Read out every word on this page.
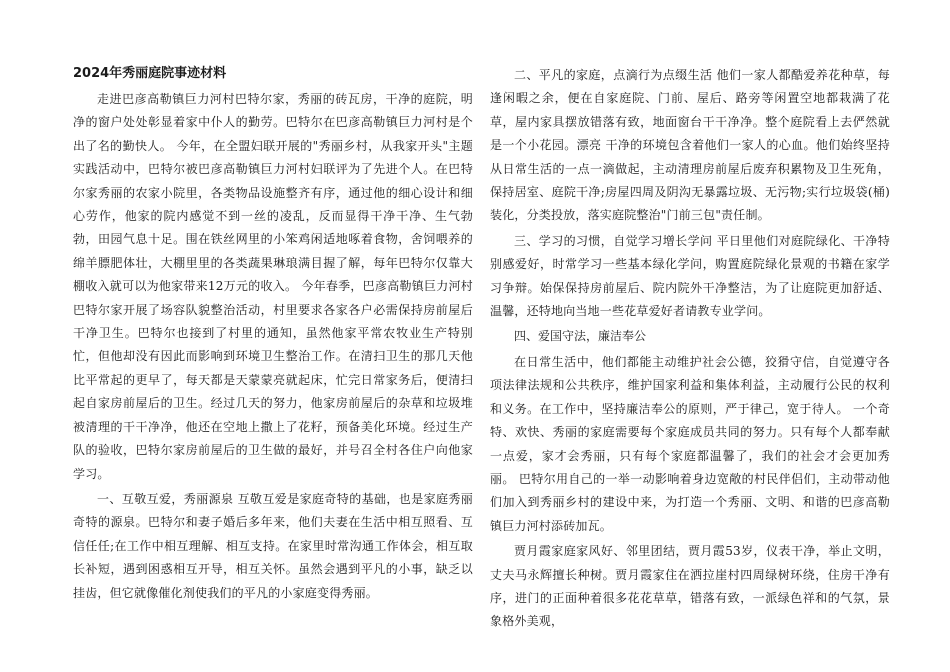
2024年秀丽庭院事迹材料

走进巴彦高勒镇巨力河村巴特尔家，秀丽的砖瓦房，干净的庭院，明净的窗户处处彰显着家中仆人的勤劳。巴特尔在巴彦高勒镇巨力河村是个出了名的勤快人。 今年，在全盟妇联开展的"秀丽乡村，从我家开头"主题实践活动中，巴特尔被巴彦高勒镇巨力河村妇联评为了先进个人。在巴特尔家秀丽的农家小院里，各类物品设施整齐有序，通过他的细心设计和细心劳作，他家的院内感觉不到一丝的凌乱，反而显得干净干净、生气勃勃，田园气息十足。围在铁丝网里的小笨鸡闲适地啄着食物，舍饲喂养的绵羊膘肥体壮，大棚里里的各类蔬果琳琅满目握了解，每年巴特尔仅靠大棚收入就可以为他家带来12万元的收入。 今年春季，巴彦高勒镇巨力河村巴特尔家开展了场容队貌整治活动，村里要求各家各户必需保持房前屋后干净卫生。巴特尔也接到了村里的通知，虽然他家平常农牧业生产特别忙，但他却没有因此而影响到环境卫生整治工作。在清扫卫生的那几天他比平常起的更早了，每天都是天蒙蒙亮就起床，忙完日常家务后，便清扫起自家房前屋后的卫生。经过几天的努力，他家房前屋后的杂草和垃圾堆被清理的干干净净，他还在空地上撒上了花籽，预备美化环境。经过生产队的验收，巴特尔家房前屋后的卫生做的最好，并号召全村各住户向他家学习。

一、互敬互爱，秀丽源泉 互敬互爱是家庭奇特的基础，也是家庭秀丽奇特的源泉。巴特尔和妻子婚后多年来，他们夫妻在生活中相互照看、互信任任;在工作中相互理解、相互支持。在家里时常沟通工作体会，相互取长补短，遇到困惑相互开导，相互关怀。虽然会遇到平凡的小事，缺乏以挂齿，但它就像催化剂使我们的平凡的小家庭变得秀丽。

二、平凡的家庭，点滴行为点缀生活 他们一家人都酷爱养花种草，每逢闲暇之余，便在自家庭院、门前、屋后、路旁等闲置空地都栽满了花草，屋内家具摆放错落有致，地面窗台干干净净。整个庭院看上去俨然就是一个小花园。漂亮 干净的环境包含着他们一家人的心血。他们始终坚持从日常生活的一点一滴做起，主动清理房前屋后废弃积累物及卫生死角，保持居室、庭院干净;房屋四周及阴沟无暴露垃圾、无污物;实行垃圾袋(桶)装化，分类投放，落实庭院整治"门前三包"责任制。

三、学习的习惯，自觉学习增长学问 平日里他们对庭院绿化、干净特别感爱好，时常学习一些基本绿化学问，购置庭院绿化景观的书籍在家学习争辩。始保保持房前屋后、院内院外干净整洁，为了让庭院更加舒适、温馨，还特地向当地一些花草爱好者请教专业学问。

四、爱国守法，廉洁奉公

在日常生活中，他们都能主动维护社会公德，狡猾守信，自觉遵守各项法律法规和公共秩序，维护国家利益和集体利益，主动履行公民的权利和义务。在工作中，坚持廉洁奉公的原则，严于律己，宽于待人。 一个奇特、欢快、秀丽的家庭需要每个家庭成员共同的努力。只有每个人都奉献一点爱，家才会秀丽，只有每个家庭都温馨了，我们的社会才会更加秀丽。 巴特尔用自己的一举一动影响着身边宽敞的村民伴侣们，主动带动他们加入到秀丽乡村的建设中来，为打造一个秀丽、文明、和谐的巴彦高勒镇巨力河村添砖加瓦。

贾月霞家庭家风好、邻里团结，贾月霞53岁，仪表干净，举止文明，丈夫马永辉擅长种树。贾月霞家住在洒拉崖村四周绿树环绕，住房干净有序，进门的正面种着很多花花草草，错落有致，一派绿色祥和的气氛，景象格外美观，
